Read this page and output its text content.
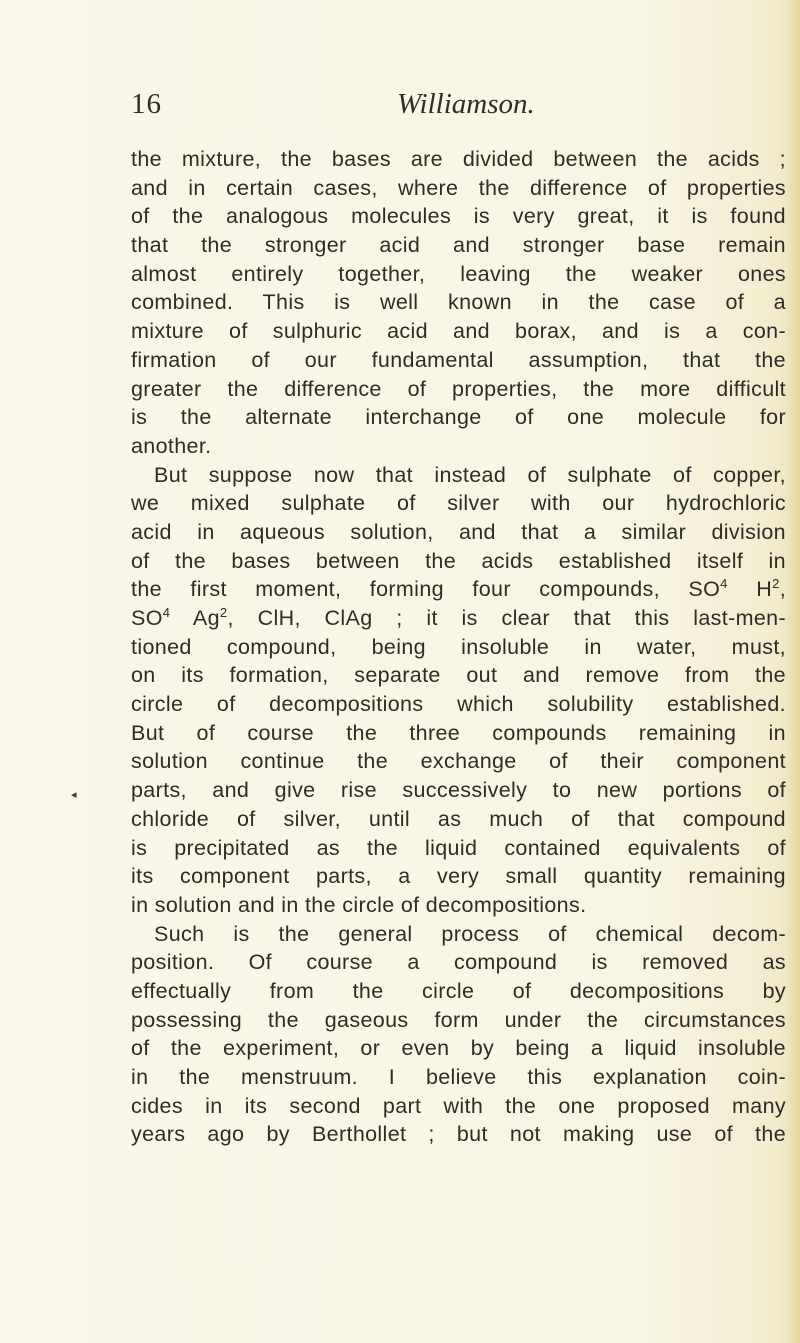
16	Williamson.
◂
the mixture, the bases are divided between the acids ;
and in certain cases, where the difference of properties
of the analogous molecules is very great, it is found
that the stronger acid and stronger base remain
almost entirely together, leaving the weaker ones
combined. This is well known in the case of a
mixture of sulphuric acid and borax, and is a con-
firmation of our fundamental assumption, that the
greater the difference of properties, the more difficult
is the alternate interchange of one molecule for
another.
But suppose now that instead of sulphate of copper,
we mixed sulphate of silver with our hydrochloric
acid in aqueous solution, and that a similar division
of the bases between the acids established itself in
the first moment, forming four compounds, $SO^4$ $H^2$,
$SO^4$ Ag$^2$, ClH, ClAg ; it is clear that this last-men-
tioned compound, being insoluble in water, must,
on its formation, separate out and remove from the
circle of decompositions which solubility established.
But of course the three compounds remaining in
solution continue the exchange of their component
parts, and give rise successively to new portions of
chloride of silver, until as much of that compound
is precipitated as the liquid contained equivalents of
its component parts, a very small quantity remaining
in solution and in the circle of decompositions.
Such is the general process of chemical decom-
position. Of course a compound is removed as
effectually from the circle of decompositions by
possessing the gaseous form under the circumstances
of the experiment, or even by being a liquid insoluble
in the menstruum. I believe this explanation coin-
cides in its second part with the one proposed many
years ago by Berthollet ; but not making use of the
